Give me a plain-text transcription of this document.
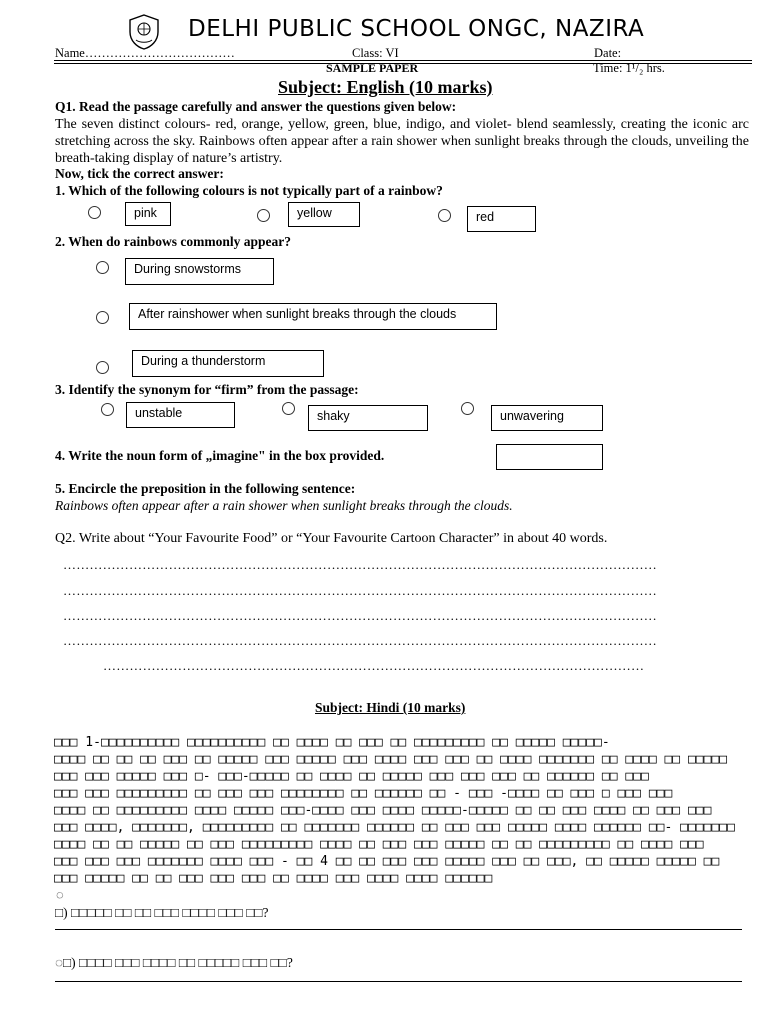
DELHI PUBLIC SCHOOL ONGC, NAZIRA
Name………………………………	Class: VI	Date:
SAMPLE PAPER	Time: 1¹/₂ hrs.
Subject: English (10 marks)
Q1. Read the passage carefully and answer the questions given below:
The seven distinct colours- red, orange, yellow, green, blue, indigo, and violet- blend seamlessly, creating the iconic arc stretching across the sky. Rainbows often appear after a rain shower when sunlight breaks through the clouds, unveiling the breath-taking display of nature’s artistry.
Now, tick the correct answer:
1. Which of the following colours is not typically part of a rainbow?
pink	yellow	red
2. When do rainbows commonly appear?
During snowstorms
After rainshower when sunlight breaks through the clouds
During a thunderstorm
3. Identify the synonym for “firm” from the passage:
unstable	shaky	unwavering
4. Write the noun form of „imagine" in the box provided.
5. Encircle the preposition in the following sentence:
Rainbows often appear after a rain shower when sunlight breaks through the clouds.
Q2. Write about “Your Favourite Food” or “Your Favourite Cartoon Character” in about 40 words.
………………………………………………………………………………………………………………………
………………………………………………………………………………………………………………………
………………………………………………………………………………………………………………………
………………………………………………………………………………………………………………………
……………………………………………………………………………………………………………
Subject: Hindi (10 marks)
□□□ 1-□□□□□□□□□□ □□□□□□□□□□ □□ □□□□ □□ □□□ □□ □□□□□□□□□ □□ □□□□□ □□□□□-
□□□□ □□ □□ □□ □□□ □□ □□□□□ □□□ □□□□□ □□□ □□□□ □□□ □□□ □□ □□□□ □□□□□□□ □□ □□□□ □□ □□□□□
□□□ □□□ □□□□□ □□□ □- □□□-□□□□□ □□ □□□□ □□ □□□□□ □□□ □□□ □□□ □□ □□□□□□ □□ □□□
□□□ □□□ □□□□□□□□□ □□ □□□ □□□ □□□□□□□□ □□ □□□□□□ □□ - □□□ -□□□□ □□ □□□ □ □□□ □□□
□□□□ □□ □□□□□□□□□ □□□□ □□□□□ □□□-□□□□ □□□ □□□□ □□□□□-□□□□□ □□ □□ □□□ □□□□ □□ □□□ □□□
□□□ □□□□, □□□□□□□, □□□□□□□□□ □□ □□□□□□□ □□□□□□ □□ □□□ □□□ □□□□□ □□□□ □□□□□□ □□- □□□□□□□
□□□□ □□ □□ □□□□□ □□ □□□ □□□□□□□□□ □□□□ □□ □□□ □□□ □□□□□ □□ □□ □□□□□□□□□ □□ □□□□ □□□
□□□ □□□ □□□ □□□□□□□ □□□□ □□□ - □□ 4 □□ □□ □□□ □□□ □□□□□ □□□ □□ □□□, □□ □□□□□ □□□□□ □□
□□□ □□□□□ □□ □□ □□□ □□□ □□□ □□ □□□□ □□□ □□□□ □□□□ □□□□□□
◌
□) □□□□□ □□ □□ □□□ □□□□ □□□ □□?
◌□) □□□□ □□□ □□□□ □□ □□□□□ □□□ □□?
